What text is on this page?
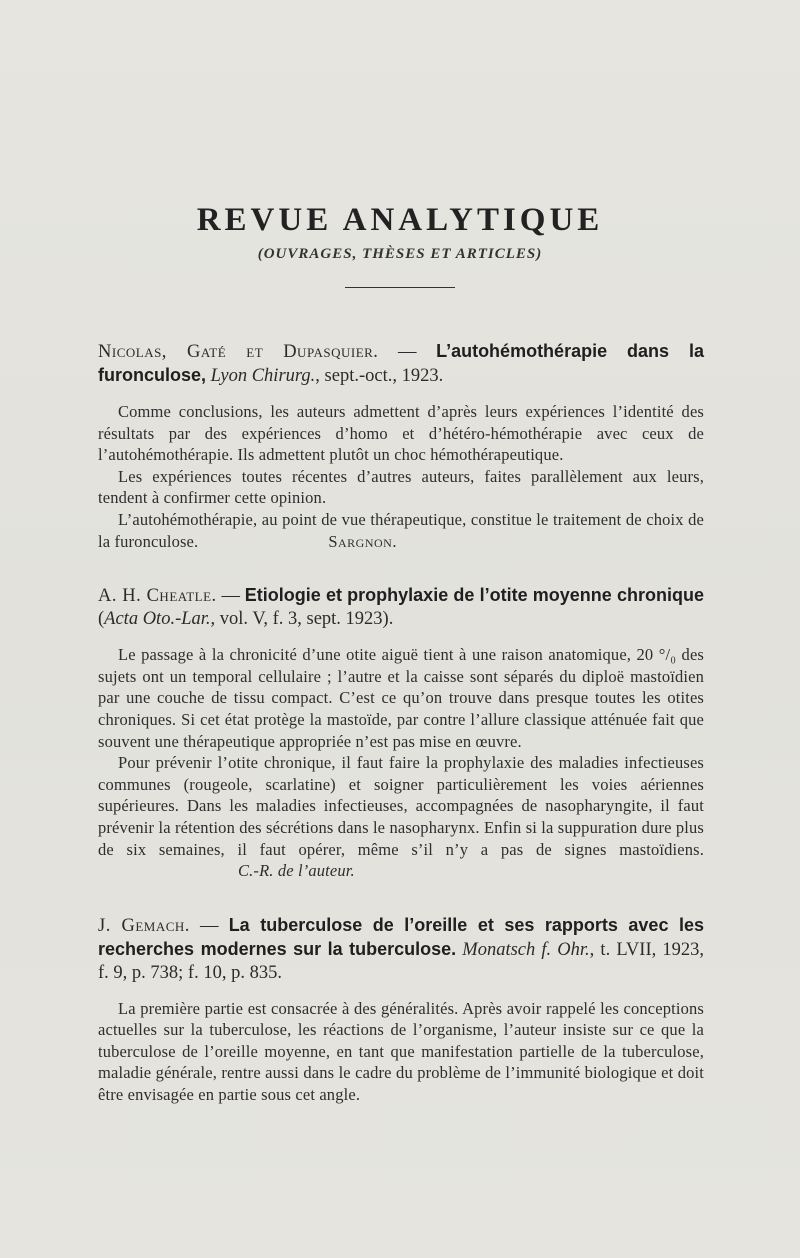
REVUE ANALYTIQUE
(OUVRAGES, THÈSES ET ARTICLES)

Nicolas, Gaté et Dupasquier. — L’autohémothérapie dans la furonculose, Lyon Chirurg., sept.-oct., 1923.

Comme conclusions, les auteurs admettent d’après leurs expériences l’identité des résultats par des expériences d’homo et d’hétéro-hémothérapie avec ceux de l’autohémothérapie. Ils admettent plutôt un choc hémothérapeutique.

Les expériences toutes récentes d’autres auteurs, faites parallèlement aux leurs, tendent à confirmer cette opinion.

L’autohémothérapie, au point de vue thérapeutique, constitue le traitement de choix de la furonculose.	Sargnon.

A. H. Cheatle. — Etiologie et prophylaxie de l’otite moyenne chronique (Acta Oto.-Lar., vol. V, f. 3, sept. 1923).

Le passage à la chronicité d’une otite aiguë tient à une raison anatomique, 20 °/₀ des sujets ont un temporal cellulaire ; l’autre et la caisse sont séparés du diploë mastoïdien par une couche de tissu compact. C’est ce qu’on trouve dans presque toutes les otites chroniques. Si cet état protège la mastoïde, par contre l’allure classique atténuée fait que souvent une thérapeutique appropriée n’est pas mise en œuvre.

Pour prévenir l’otite chronique, il faut faire la prophylaxie des maladies infectieuses communes (rougeole, scarlatine) et soigner particulièrement les voies aériennes supérieures. Dans les maladies infectieuses, accompagnées de nasopharyngite, il faut prévenir la rétention des sécrétions dans le nasopharynx. Enfin si la suppuration dure plus de six semaines, il faut opérer, même s’il n’y a pas de signes mastoïdiens.C.-R. de l’auteur.

J. Gemach. — La tuberculose de l’oreille et ses rapports avec les recherches modernes sur la tuberculose. Monatsch f. Ohr., t. LVII, 1923, f. 9, p. 738; f. 10, p. 835.

La première partie est consacrée à des généralités. Après avoir rappelé les conceptions actuelles sur la tuberculose, les réactions de l’organisme, l’auteur insiste sur ce que la tuberculose de l’oreille moyenne, en tant que manifestation partielle de la tuberculose, maladie générale, rentre aussi dans le cadre du problème de l’immunité biologique et doit être envisagée en partie sous cet angle.
